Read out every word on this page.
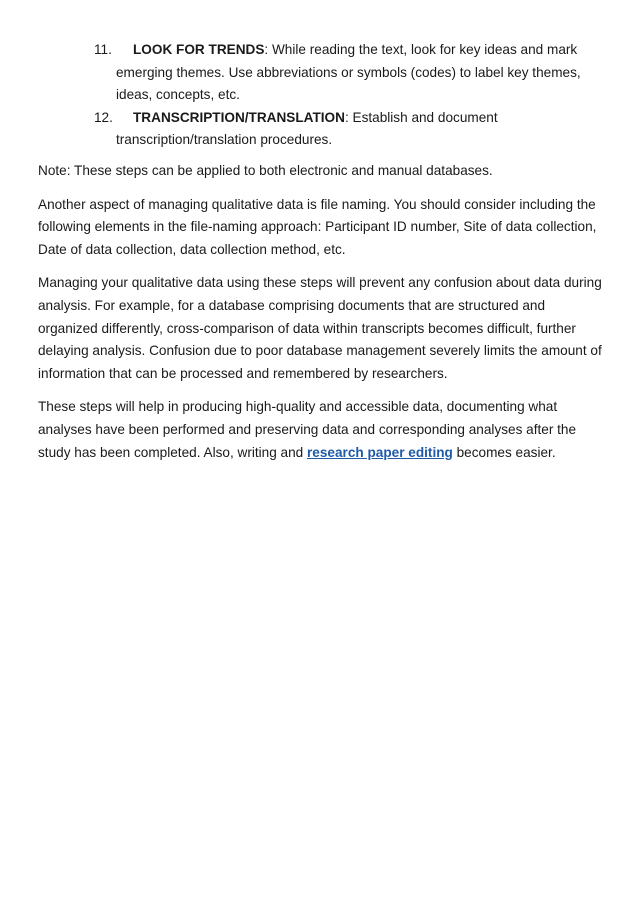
11.	LOOK FOR TRENDS: While reading the text, look for key ideas and mark emerging themes. Use abbreviations or symbols (codes) to label key themes, ideas, concepts, etc.
12.	TRANSCRIPTION/TRANSLATION: Establish and document transcription/translation procedures.

Note: These steps can be applied to both electronic and manual databases.

Another aspect of managing qualitative data is file naming. You should consider including the following elements in the file-naming approach: Participant ID number, Site of data collection, Date of data collection, data collection method, etc.

Managing your qualitative data using these steps will prevent any confusion about data during analysis. For example, for a database comprising documents that are structured and organized differently, cross-comparison of data within transcripts becomes difficult, further delaying analysis. Confusion due to poor database management severely limits the amount of information that can be processed and remembered by researchers.

These steps will help in producing high-quality and accessible data, documenting what analyses have been performed and preserving data and corresponding analyses after the study has been completed. Also, writing and research paper editing becomes easier.
